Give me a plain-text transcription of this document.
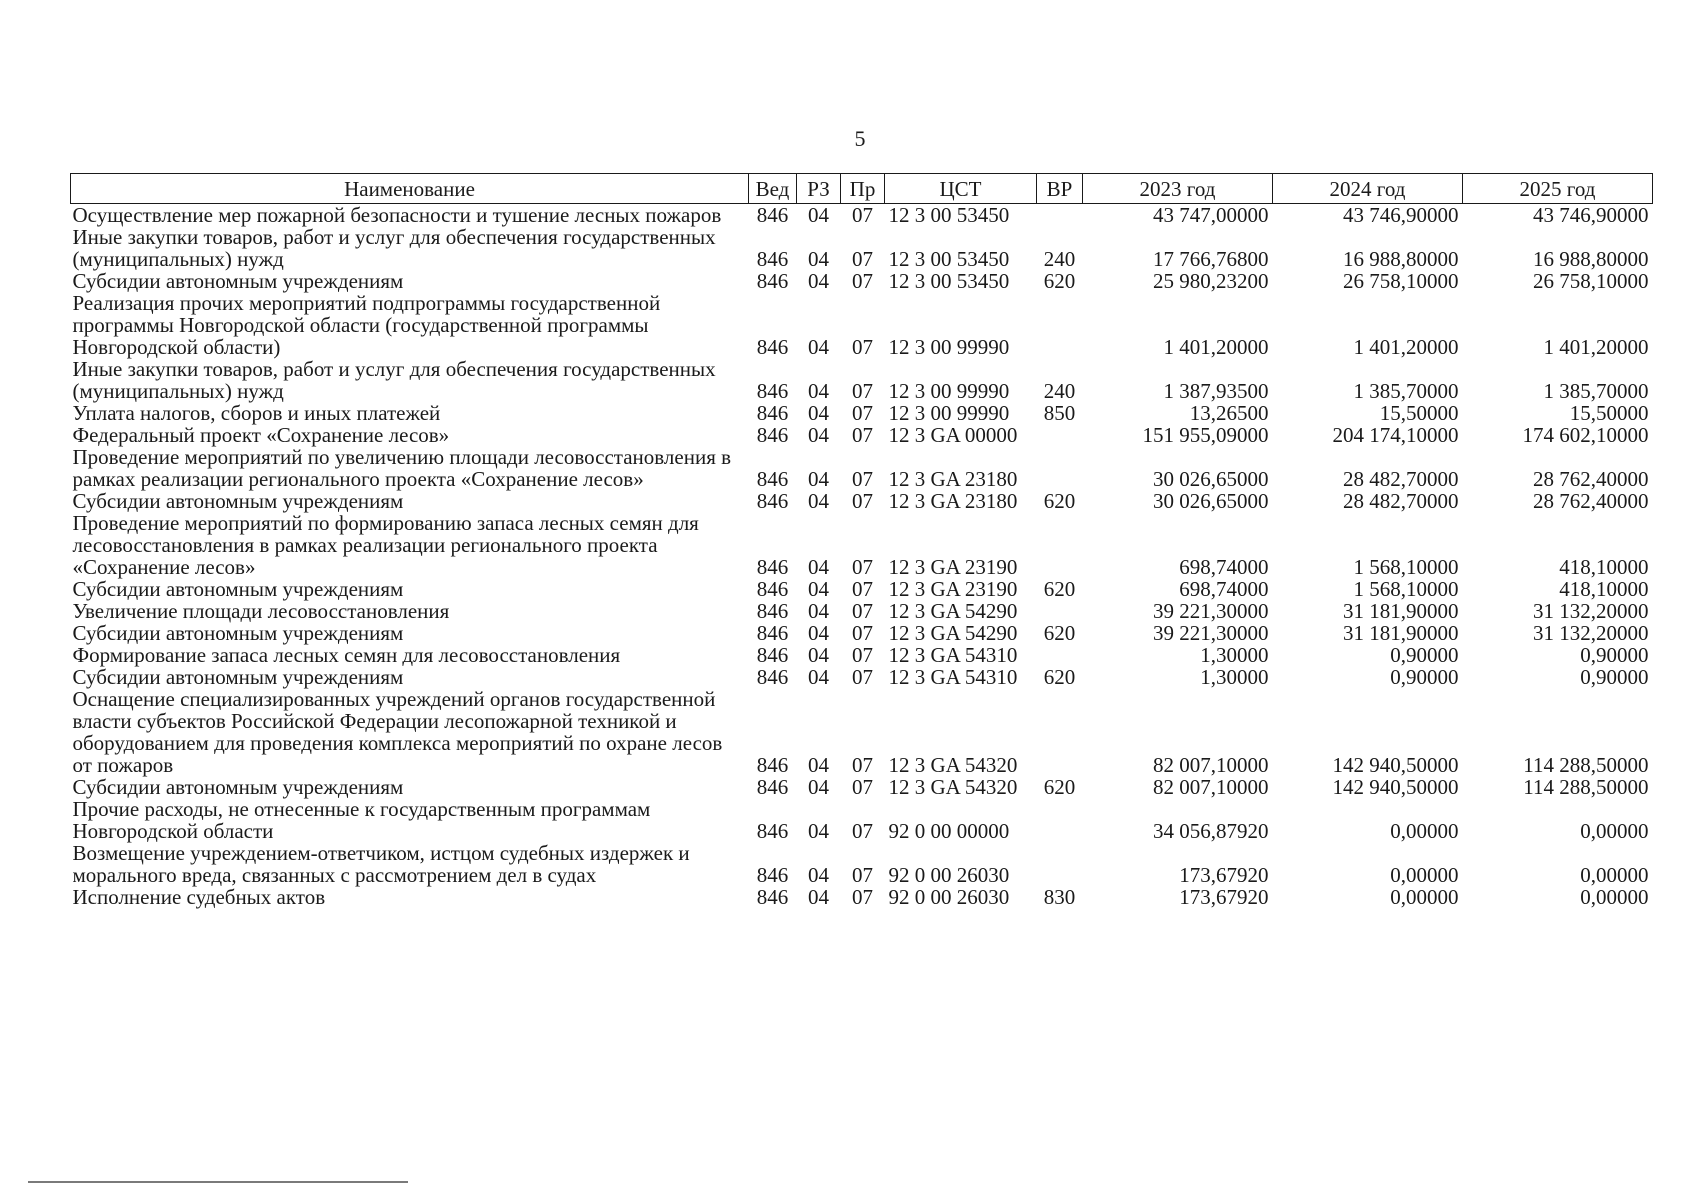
5
Наименование	Вед	РЗ	Пр	ЦСТ	ВР	2023 год	2024 год	2025 год
Осуществление мер пожарной безопасности и тушение лесных пожаров	846	04	07	12 3 00 53450		43 747,00000	43 746,90000	43 746,90000
Иные закупки товаров, работ и услуг для обеспечения государственных (муниципальных) нужд	846	04	07	12 3 00 53450	240	17 766,76800	16 988,80000	16 988,80000
Субсидии автономным учреждениям	846	04	07	12 3 00 53450	620	25 980,23200	26 758,10000	26 758,10000
Реализация прочих мероприятий подпрограммы государственной программы Новгородской области (государственной программы Новгородской области)	846	04	07	12 3 00 99990		1 401,20000	1 401,20000	1 401,20000
Иные закупки товаров, работ и услуг для обеспечения государственных (муниципальных) нужд	846	04	07	12 3 00 99990	240	1 387,93500	1 385,70000	1 385,70000
Уплата налогов, сборов и иных платежей	846	04	07	12 3 00 99990	850	13,26500	15,50000	15,50000
Федеральный проект «Сохранение лесов»	846	04	07	12 3 GA 00000		151 955,09000	204 174,10000	174 602,10000
Проведение мероприятий по увеличению площади лесовосстановления в рамках реализации регионального проекта «Сохранение лесов»	846	04	07	12 3 GA 23180		30 026,65000	28 482,70000	28 762,40000
Субсидии автономным учреждениям	846	04	07	12 3 GA 23180	620	30 026,65000	28 482,70000	28 762,40000
Проведение мероприятий по формированию запаса лесных семян для лесовосстановления в рамках реализации регионального проекта «Сохранение лесов»	846	04	07	12 3 GA 23190		698,74000	1 568,10000	418,10000
Субсидии автономным учреждениям	846	04	07	12 3 GA 23190	620	698,74000	1 568,10000	418,10000
Увеличение площади лесовосстановления	846	04	07	12 3 GA 54290		39 221,30000	31 181,90000	31 132,20000
Субсидии автономным учреждениям	846	04	07	12 3 GA 54290	620	39 221,30000	31 181,90000	31 132,20000
Формирование запаса лесных семян для лесовосстановления	846	04	07	12 3 GA 54310		1,30000	0,90000	0,90000
Субсидии автономным учреждениям	846	04	07	12 3 GA 54310	620	1,30000	0,90000	0,90000
Оснащение специализированных учреждений органов государственной власти субъектов Российской Федерации лесопожарной техникой и оборудованием для проведения комплекса мероприятий по охране лесов от пожаров	846	04	07	12 3 GA 54320		82 007,10000	142 940,50000	114 288,50000
Субсидии автономным учреждениям	846	04	07	12 3 GA 54320	620	82 007,10000	142 940,50000	114 288,50000
Прочие расходы, не отнесенные к государственным программам Новгородской области	846	04	07	92 0 00 00000		34 056,87920	0,00000	0,00000
Возмещение учреждением-ответчиком, истцом судебных издержек и морального вреда, связанных с рассмотрением дел в судах	846	04	07	92 0 00 26030		173,67920	0,00000	0,00000
Исполнение судебных актов	846	04	07	92 0 00 26030	830	173,67920	0,00000	0,00000
